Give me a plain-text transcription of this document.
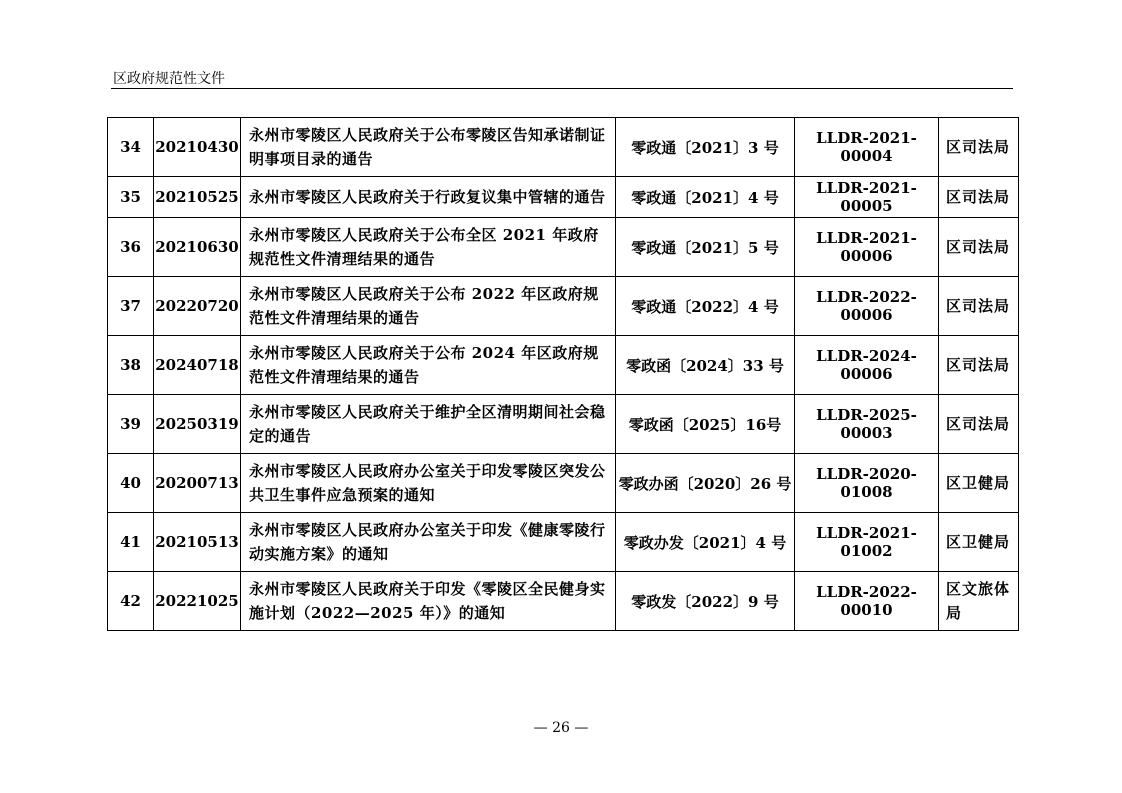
区政府规范性文件
34	20210430	永州市零陵区人民政府关于公布零陵区告知承诺制证明事项目录的通告	零政通〔2021〕3 号	LLDR-2021-00004	区司法局
35	20210525	永州市零陵区人民政府关于行政复议集中管辖的通告	零政通〔2021〕4 号	LLDR-2021-00005	区司法局
36	20210630	永州市零陵区人民政府关于公布全区 2021 年政府规范性文件清理结果的通告	零政通〔2021〕5 号	LLDR-2021-00006	区司法局
37	20220720	永州市零陵区人民政府关于公布 2022 年区政府规范性文件清理结果的通告	零政通〔2022〕4 号	LLDR-2022-00006	区司法局
38	20240718	永州市零陵区人民政府关于公布 2024 年区政府规范性文件清理结果的通告	零政函〔2024〕33 号	LLDR-2024-00006	区司法局
39	20250319	永州市零陵区人民政府关于维护全区清明期间社会稳定的通告	零政函〔2025〕16号	LLDR-2025-00003	区司法局
40	20200713	永州市零陵区人民政府办公室关于印发零陵区突发公共卫生事件应急预案的通知	零政办函〔2020〕26 号	LLDR-2020-01008	区卫健局
41	20210513	永州市零陵区人民政府办公室关于印发《健康零陵行动实施方案》的通知	零政办发〔2021〕4 号	LLDR-2021-01002	区卫健局
42	20221025	永州市零陵区人民政府关于印发《零陵区全民健身实施计划（2022—2025 年）》的通知	零政发〔2022〕9 号	LLDR-2022-00010	区文旅体局
— 26 —
